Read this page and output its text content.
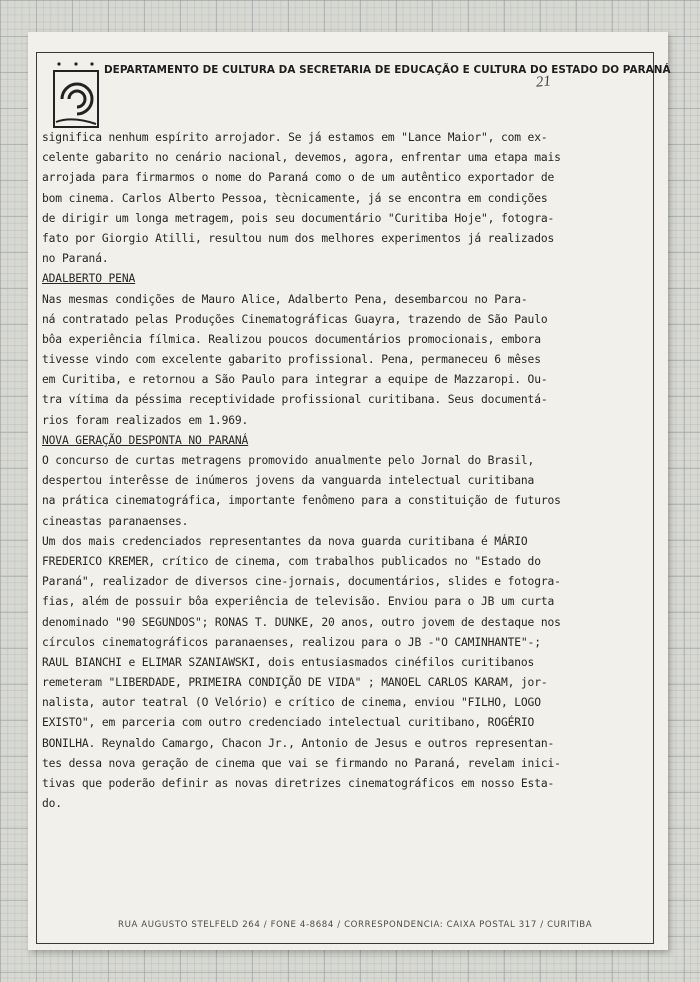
DEPARTAMENTO DE CULTURA DA SECRETARIA DE EDUCAÇÃO E CULTURA DO ESTADO DO PARANÁ
21
significa nenhum espírito arrojador. Se já estamos em "Lance Maior", com ex-
celente gabarito no cenário nacional, devemos, agora, enfrentar uma etapa mais
arrojada para firmarmos o nome do Paraná como o de um autêntico exportador de
bom cinema. Carlos Alberto Pessoa, tècnicamente, já se encontra em condições
de dirigir um longa metragem, pois seu documentário "Curitiba Hoje", fotogra-
fato por Giorgio Atilli, resultou num dos melhores experimentos já realizados
no Paraná.
ADALBERTO PENA
Nas mesmas condições de Mauro Alice, Adalberto Pena, desembarcou no Para-
ná contratado pelas Produções Cinematográficas Guayra, trazendo de São Paulo
bôa experiência fílmica. Realizou poucos documentários promocionais, embora
tivesse vindo com excelente gabarito profissional. Pena, permaneceu 6 mêses
em Curitiba, e retornou a São Paulo para integrar a equipe de Mazzaropi. Ou-
tra vítima da péssima receptividade profissional curitibana. Seus documentá-
rios foram realizados em 1.969.
NOVA GERAÇÃO DESPONTA NO PARANÁ
O concurso de curtas metragens promovido anualmente pelo Jornal do Brasil,
despertou interêsse de inúmeros jovens da vanguarda intelectual curitibana
na prática cinematográfica, importante fenômeno para a constituição de futuros
cineastas paranaenses.
Um dos mais credenciados representantes da nova guarda curitibana é MÁRIO
FREDERICO KREMER, crítico de cinema, com trabalhos publicados no "Estado do
Paraná", realizador de diversos cine-jornais, documentários, slides e fotogra-
fias, além de possuir bôa experiência de televisão. Enviou para o JB um curta
denominado "90 SEGUNDOS"; RONAS T. DUNKE, 20 anos, outro jovem de destaque nos
círculos cinematográficos paranaenses, realizou para o JB -"O CAMINHANTE"-;
RAUL BIANCHI e ELIMAR SZANIAWSKI, dois entusiasmados cinéfilos curitibanos
remeteram "LIBERDADE, PRIMEIRA CONDIÇÃO DE VIDA" ; MANOEL CARLOS KARAM, jor-
nalista, autor teatral (O Velório) e crítico de cinema, enviou "FILHO, LOGO
EXISTO", em parceria com outro credenciado intelectual curitibano, ROGÉRIO
BONILHA. Reynaldo Camargo, Chacon Jr., Antonio de Jesus e outros representan-
tes dessa nova geração de cinema que vai se firmando no Paraná, revelam inici-
tivas que poderão definir as novas diretrizes cinematográficos em nosso Esta-
do.
RUA AUGUSTO STELFELD 264 / FONE 4-8684 / CORRESPONDENCIA: CAIXA POSTAL 317 / CURITIBA
